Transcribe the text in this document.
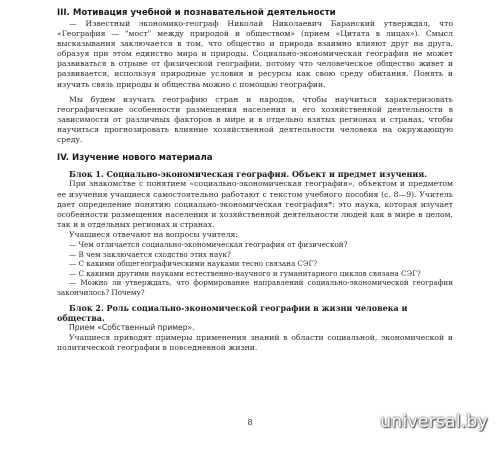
III. Мотивация учебной и познавательной деятельности

— Известный экономико-географ Николай Николаевич Баранский утверждал, что «География — "мост" между природой и обществом» (прием «Цитата в лицах»). Смысл высказывания заключается в том, что общество и природа взаимно влияют друг на друга, образуя при этом единство мира и природы. Социально-экономическая география не может развиваться в отрыве от физической географии, потому что человеческое общество живет и развивается, используя природные условия и ресурсы как свою среду обитания. Понять и изучить связь природы и общества можно с помощью географии.

Мы будем изучать географию стран и народов, чтобы научиться характеризовать географические особенности размещения населения и его хозяйственной деятельности в зависимости от различных факторов в мире и в отдельно взятых регионах и странах, чтобы научиться прогнозировать влияние хозяйственной деятельности человека на окружающую среду.

IV. Изучение нового материала
Блок 1. Социально-экономическая география. Объект и предмет изучения.

При знакомстве с понятием «социально-экономическая география», объектом и предметом ее изучения учащиеся самостоятельно работают с текстом учебного пособия (с. 8—9). Учитель дает определение понятию социально-экономическая география*: это наука, которая изучает особенности размещения населения и хозяйственной деятельности людей как в мире в целом, так и в отдельных регионах и странах.

Учащиеся отвечают на вопросы учителя:

— Чем отличается социально-экономическая география от физической?

— В чем заключается сходство этих наук?

— С какими общегеографическими науками тесно связана СЭГ?

— С какими другими науками естественно-научного и гуманитарного циклов связана СЭГ?

— Можно ли утверждать, что формирование направлений социально-экономической географии закончилось? Почему?

Блок 2. Роль социально-экономической географии в жизни человека и общества.

Прием «Собственный пример».

Учащиеся приводят примеры применения знаний в области социальной, экономической и политической географии в повседневной жизни.

8	universal.by
